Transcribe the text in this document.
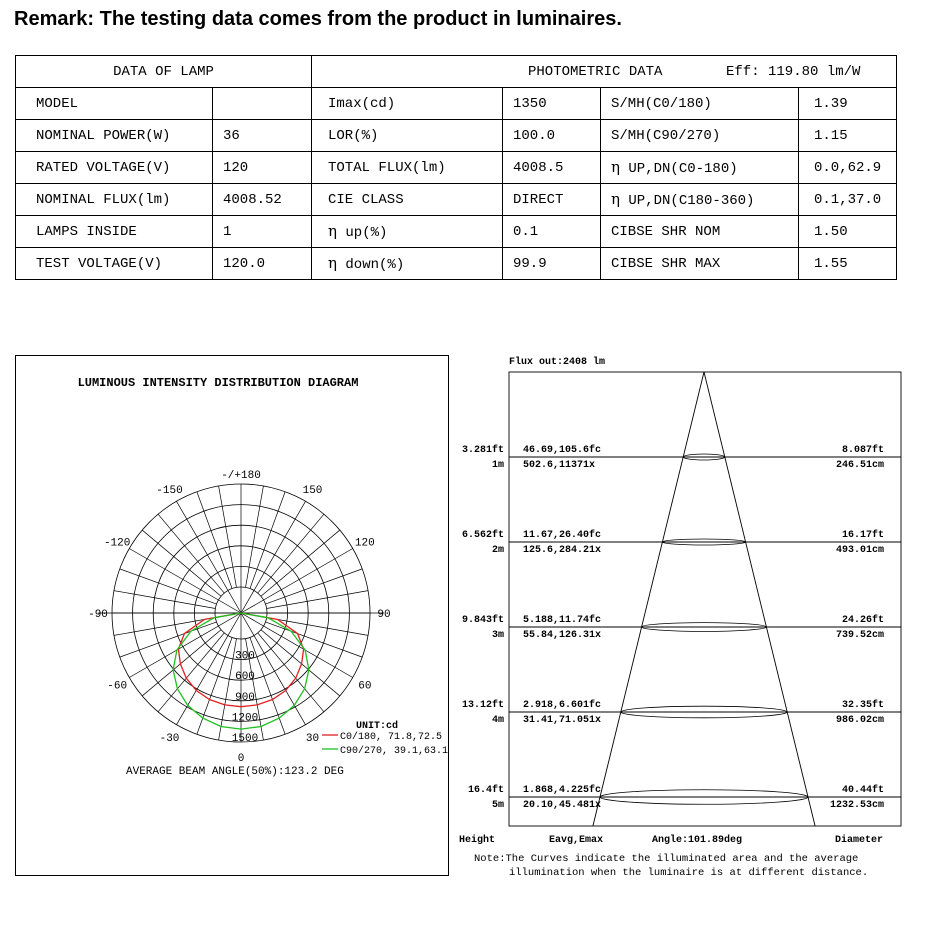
Remark: The testing data comes from the product in luminaires.
DATA OF LAMP		PHOTOMETRIC DATA Eff: 119.80 lm/W			

MODEL		Imax(cd)	1350	S/MH(C0/180)	1.39
NOMINAL POWER(W)	36	LOR(%)	100.0	S/MH(C90/270)	1.15
RATED VOLTAGE(V)	120	TOTAL FLUX(lm)	4008.5	η UP,DN(C0-180)	0.0,62.9
NOMINAL FLUX(lm)	4008.52	CIE CLASS	DIRECT	η UP,DN(C180-360)	0.1,37.0
LAMPS INSIDE	1	η up(%)	0.1	CIBSE SHR NOM	1.50
TEST VOLTAGE(V)	120.0	η down(%)	99.9	CIBSE SHR MAX	1.55
LUMINOUS INTENSITY DISTRIBUTION DIAGRAM
-/+180
-150	150
-120	120
-90	90
-60	60
-30	30
0
300
600
900
1200
1500
UNIT:cd
C0/180, 71.8,72.5
C90/270, 39.1,63.1
AVERAGE BEAM ANGLE(50%):123.2 DEG
Flux out:2408 lm
3.281ft
1m
46.69,105.6fc
502.6,11371x
8.087ft
246.51cm
6.562ft
2m
11.67,26.40fc
125.6,284.21x
16.17ft
493.01cm
9.843ft
3m
5.188,11.74fc
55.84,126.31x
24.26ft
739.52cm
13.12ft
4m
2.918,6.601fc
31.41,71.051x
32.35ft
986.02cm
16.4ft
5m
1.868,4.225fc
20.10,45.481x
40.44ft
1232.53cm
Height	Eavg,Emax	Angle:101.89deg	Diameter
Note:The Curves indicate the illuminated area and the average
illumination when the luminaire is at different distance.
